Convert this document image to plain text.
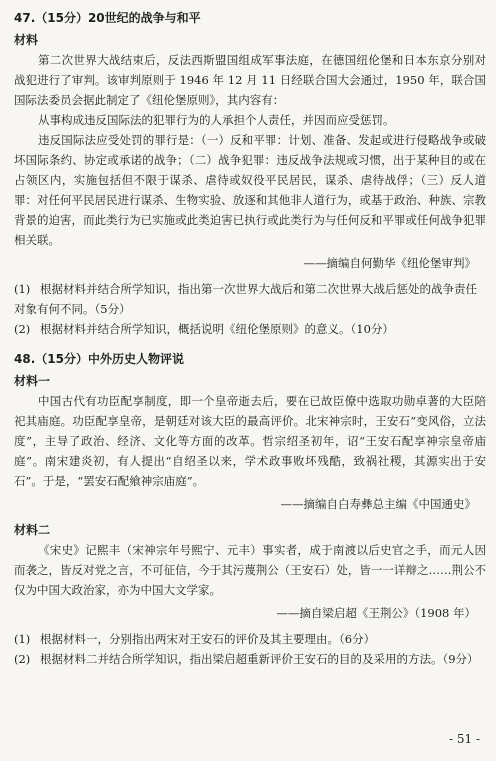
47.（15分）20世纪的战争与和平
材料
第二次世界大战结束后，反法西斯盟国组成军事法庭，在德国纽伦堡和日本东京分别对战犯进行了审判。该审判原则于 1946 年 12 月 11 日经联合国大会通过，1950 年，联合国国际法委员会据此制定了《纽伦堡原则》，其内容有：
从事构成违反国际法的犯罪行为的人承担个人责任，并因而应受惩罚。
违反国际法应受处罚的罪行是：（一）反和平罪：计划、准备、发起或进行侵略战争或破坏国际条约、协定或承诺的战争；（二）战争犯罪：违反战争法规或习惯，出于某种目的或在占领区内，实施包括但不限于谋杀、虐待或奴役平民居民，谋杀、虐待战俘；（三）反人道罪：对任何平民居民进行谋杀、生物实验、放逐和其他非人道行为，或基于政治、种族、宗教背景的迫害，而此类行为已实施或此类迫害已执行或此类行为与任何反和平罪或任何战争犯罪相关联。
——摘编自何勤华《纽伦堡审判》
(1) 根据材料并结合所学知识，指出第一次世界大战后和第二次世界大战后惩处的战争责任对象有何不同。（5分）
(2) 根据材料并结合所学知识，概括说明《纽伦堡原则》的意义。（10分）
48.（15分）中外历史人物评说
材料一
中国古代有功臣配享制度，即一个皇帝逝去后，要在已故臣僚中选取功勋卓著的大臣陪祀其庙庭。功臣配享皇帝，是朝廷对该大臣的最高评价。北宋神宗时，王安石“变风俗，立法度”，主导了政治、经济、文化等方面的改革。哲宗绍圣初年，诏“王安石配享神宗皇帝庙庭”。南宋建炎初，有人提出“自绍圣以来，学术政事败坏残酷，致祸社稷，其源实出于安石”。于是，“罢安石配飨神宗庙庭”。
——摘编自白寿彝总主编《中国通史》
材料二
《宋史》记熙丰（宋神宗年号熙宁、元丰）事实者，成于南渡以后史官之手，而元人因而袭之，皆反对党之言，不可征信，今于其污蔑荆公（王安石）处，皆一一详辩之……荆公不仅为中国大政治家，亦为中国大文学家。
——摘自梁启超《王荆公》（1908 年）
(1) 根据材料一，分别指出两宋对王安石的评价及其主要理由。（6分）
(2) 根据材料二并结合所学知识，指出梁启超重新评价王安石的目的及采用的方法。（9分）
- 51 -
